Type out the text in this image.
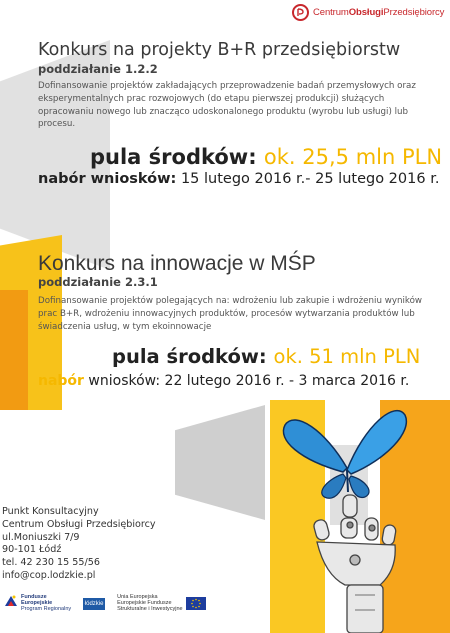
CentrumObsługiPrzedsiębiorcy
Konkurs na projekty B+R przedsiębiorstw
poddziałanie 1.2.2
Dofinansowanie projektów zakładających przeprowadzenie badań przemysłowych oraz eksperymentalnych prac rozwojowych (do etapu pierwszej produkcji) służących opracowaniu nowego lub znacząco udoskonalonego produktu (wyrobu lub usługi) lub procesu.
pula środków: ok. 25,5 mln PLN
nabór wniosków: 15 lutego 2016 r.- 25 lutego 2016 r.
Konkurs na innowacje w MŚP
poddziałanie 2.3.1
Dofinansowanie projektów polegających na: wdrożeniu lub zakupie i wdrożeniu wyników prac B+R, wdrożeniu innowacyjnych produktów, procesów wytwarzania produktów lub świadczenia usług, w tym ekoinnowacje
pula środków: ok. 51 mln PLN
nabór wniosków: 22 lutego 2016 r. - 3 marca 2016 r.
Punkt Konsultacyjny
Centrum Obsługi Przedsiębiorcy
ul.Moniuszki 7/9
90-101 Łódź
tel. 42 230 15 55/56
info@cop.lodzkie.pl
Fundusze
Europejskie
Program Regionalny
łódzkie
Unia Europejska
Europejskie Fundusze
Strukturalne i Inwestycyjne
